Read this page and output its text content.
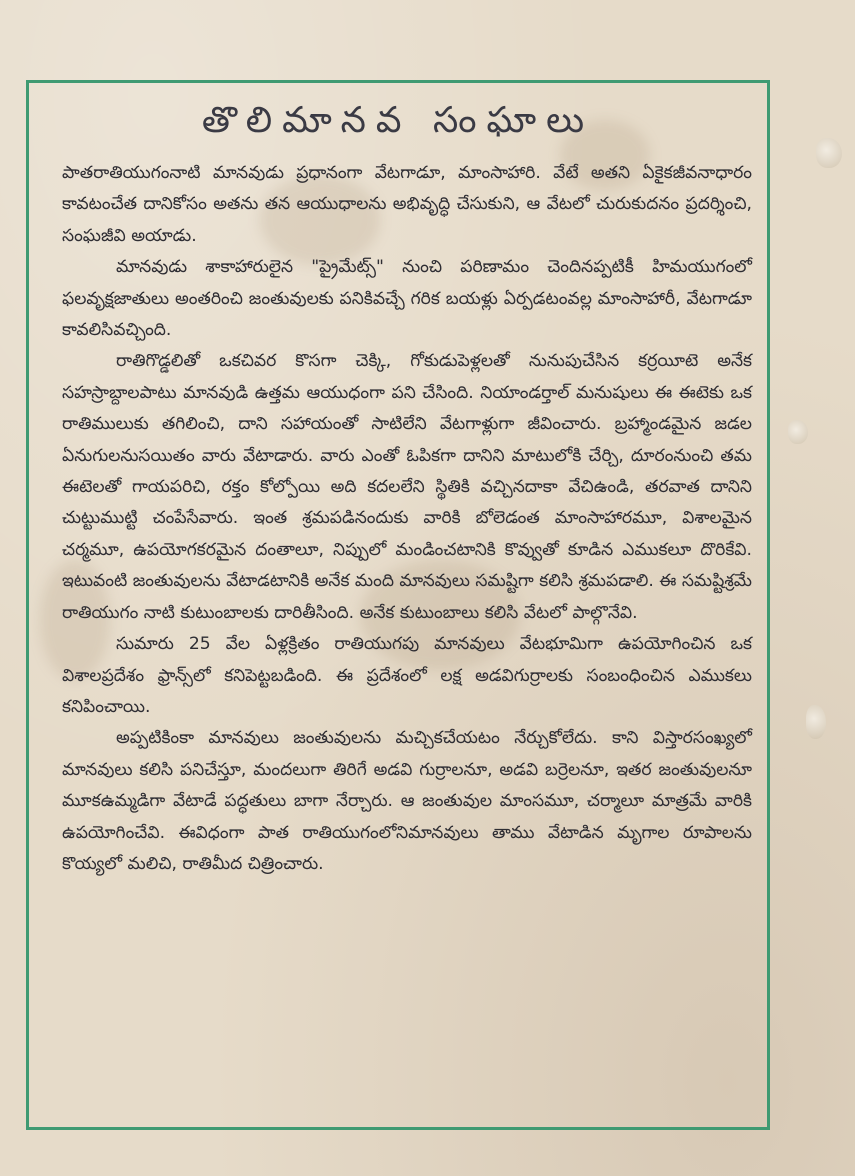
తొలిమానవ సంఘాలు

పాతరాతియుగంనాటి మానవుడు ప్రధానంగా వేటగాడూ, మాంసాహారి. వేటే అతని ఏకైకజీవనాధారం కావటంచేత దానికోసం అతను తన ఆయుధాలను అభివృద్ధి చేసుకుని, ఆ వేటలో చురుకుదనం ప్రదర్శించి, సంఘజీవి అయాడు.

మానవుడు శాకాహారులైన "ప్రైమేట్స్" నుంచి పరిణామం చెందినప్పటికీ హిమయుగంలో ఫలవృక్షజాతులు అంతరించి జంతువులకు పనికివచ్చే గరిక బయళ్లు ఏర్పడటంవల్ల మాంసాహారీ, వేటగాడూ కావలిసివచ్చింది.

రాతిగొడ్డలితో ఒకచివర కొసగా చెక్కి, గోకుడుపెళ్లలతో నునుపుచేసిన కర్రయీటె అనేక సహస్రాబ్దాలపాటు మానవుడి ఉత్తమ ఆయుధంగా పని చేసింది. నియాండర్తాల్ మనుషులు ఈ ఈటెకు ఒక రాతిములుకు తగిలించి, దాని సహాయంతో సాటిలేని వేటగాళ్లుగా జీవించారు. బ్రహ్మాండమైన జడల ఏనుగులనుసయితం వారు వేటాడారు. వారు ఎంతో ఓపికగా దానిని మాటులోకి చేర్చి, దూరంనుంచి తమ ఈటెలతో గాయపరిచి, రక్తం కోల్పోయి అది కదలలేని స్థితికి వచ్చినదాకా వేచిఉండి, తరవాత దానిని చుట్టుముట్టి చంపేసేవారు. ఇంత శ్రమపడినందుకు వారికి బోలెడంత మాంసాహారమూ, విశాలమైన చర్మమూ, ఉపయోగకరమైన దంతాలూ, నిప్పులో మండించటానికి కొవ్వుతో కూడిన ఎముకలూ దొరికేవి. ఇటువంటి జంతువులను వేటాడటానికి అనేక మంది మానవులు సమష్టిగా కలిసి శ్రమపడాలి. ఈ సమష్టిశ్రమే రాతియుగం నాటి కుటుంబాలకు దారితీసింది. అనేక కుటుంబాలు కలిసి వేటలో పాల్గొనేవి.

సుమారు 25 వేల ఏళ్లక్రితం రాతియుగపు మానవులు వేటభూమిగా ఉపయోగించిన ఒక విశాలప్రదేశం ఫ్రాన్స్‌లో కనిపెట్టబడింది. ఈ ప్రదేశంలో లక్ష అడవిగుర్రాలకు సంబంధించిన ఎముకలు కనిపించాయి.

అప్పటికింకా మానవులు జంతువులను మచ్చికచేయటం నేర్చుకోలేదు. కాని విస్తారసంఖ్యలో మానవులు కలిసి పనిచేస్తూ, మందలుగా తిరిగే అడవి గుర్రాలనూ, అడవి బర్రెలనూ, ఇతర జంతువులనూ మూకఉమ్మడిగా వేటాడే పద్ధతులు బాగా నేర్చారు. ఆ జంతువుల మాంసమూ, చర్మాలూ మాత్రమే వారికి ఉపయోగించేవి. ఈవిధంగా పాత రాతియుగంలోనిమానవులు తాము వేటాడిన మృగాల రూపాలను కొయ్యలో మలిచి, రాతిమీద చిత్రించారు.
